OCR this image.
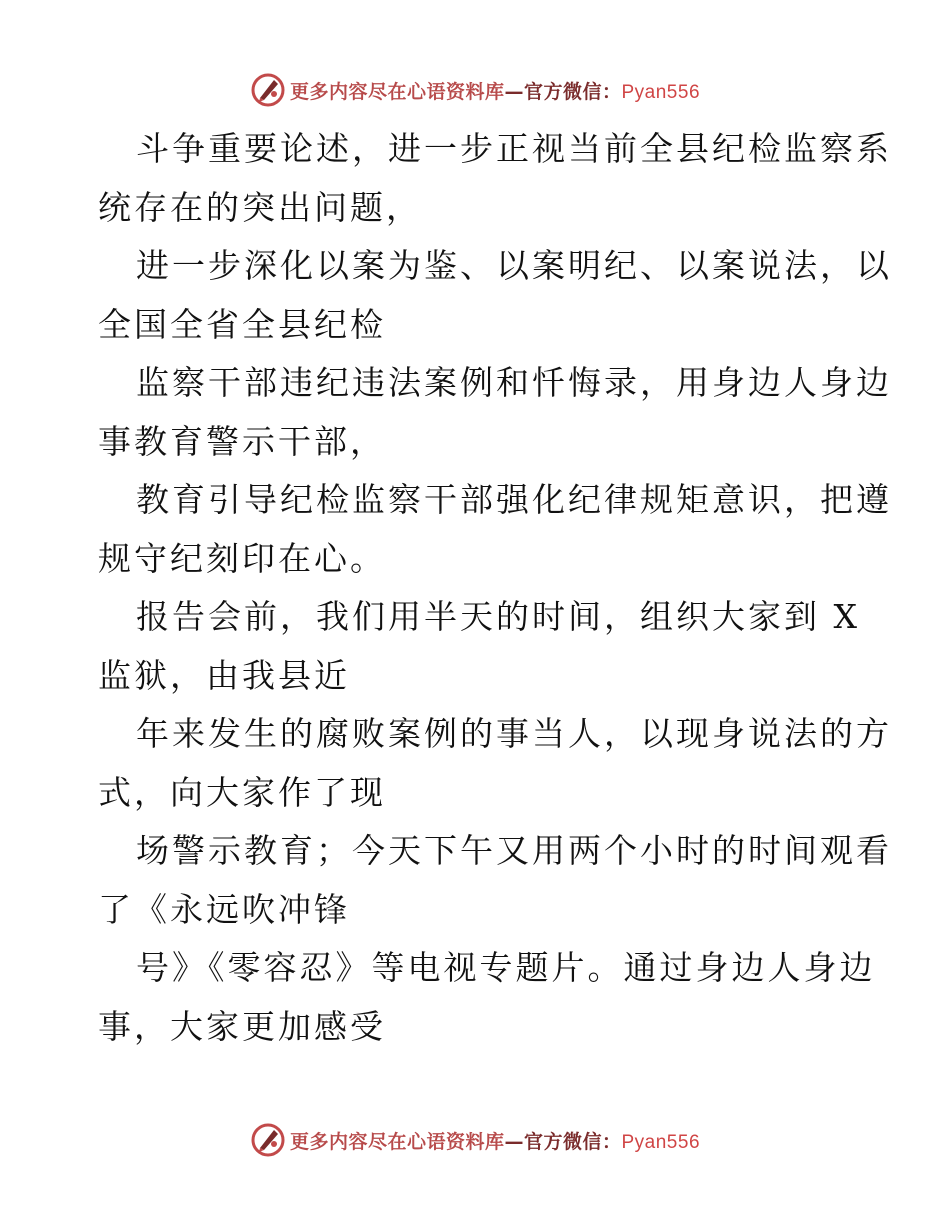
更多内容尽在心语资料库—官方微信：Pyan556
斗争重要论述，进一步正视当前全县纪检监察系
统存在的突出问题，
进一步深化以案为鉴、以案明纪、以案说法，以
全国全省全县纪检
监察干部违纪违法案例和忏悔录，用身边人身边
事教育警示干部，
教育引导纪检监察干部强化纪律规矩意识，把遵
规守纪刻印在心。
报告会前，我们用半天的时间，组织大家到 X
监狱，由我县近
年来发生的腐败案例的事当人，以现身说法的方
式，向大家作了现
场警示教育；今天下午又用两个小时的时间观看
了《永远吹冲锋
号》《零容忍》等电视专题片。通过身边人身边
事，大家更加感受
更多内容尽在心语资料库—官方微信：Pyan556
